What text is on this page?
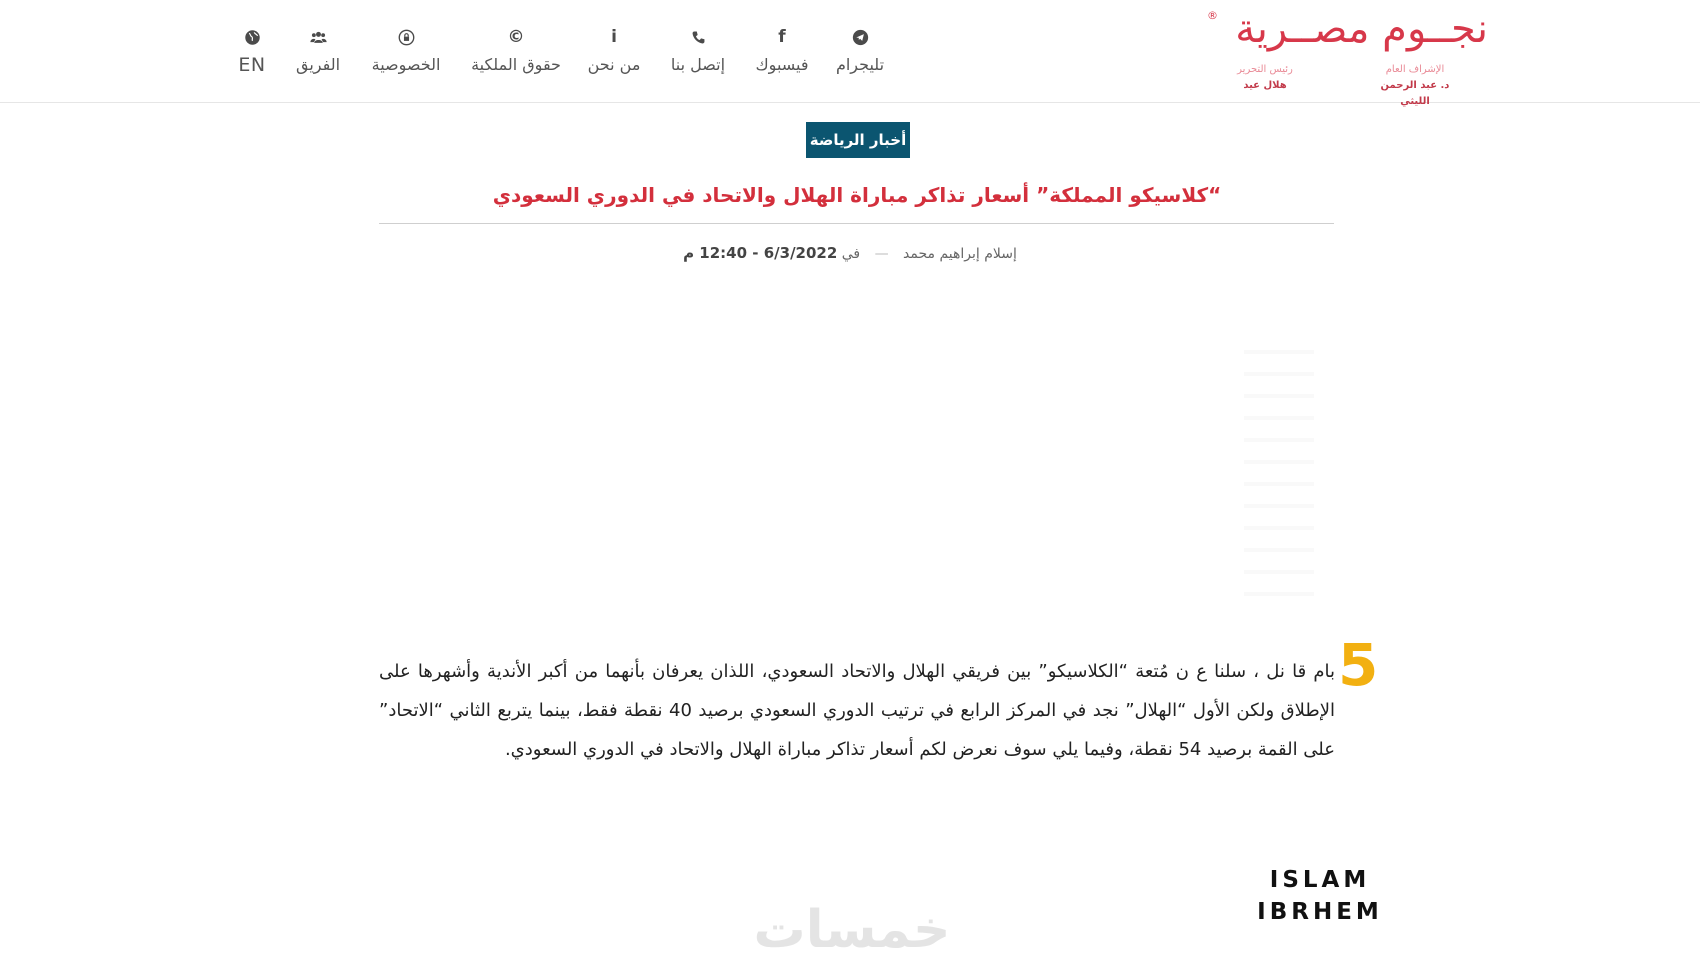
تليجرام
f
فيسبوك
إتصل بنا
i
من نحن
©
حقوق الملكية
الخصوصية
الفريق
EN
® نجــوم مصــرية
الإشراف العام
د. عبد الرحمن الليثي
رئيس التحرير
هلال عيد
أخبار الرياضة
“كلاسيكو المملكة” أسعار تذاكر مباراة الهلال والاتحاد في الدوري السعودي
إسلام إبراهيم محمد — في 6/3/2022 - 12:40 م
5

بام قا نل ، سلنا ع ن مُتعة “الكلاسيكو” بين فريقي الهلال والاتحاد السعودي، اللذان يعرفان بأنهما من أكبر الأندية وأشهرها على الإطلاق ولكن الأول “الهلال” نجد في المركز الرابع في ترتيب الدوري السعودي برصيد 40 نقطة فقط، بينما يتربع الثاني “الاتحاد” على القمة برصيد 54 نقطة، وفيما يلي سوف نعرض لكم أسعار تذاكر مباراة الهلال والاتحاد في الدوري السعودي.

ISLAM
IBRHEM
خمسات
